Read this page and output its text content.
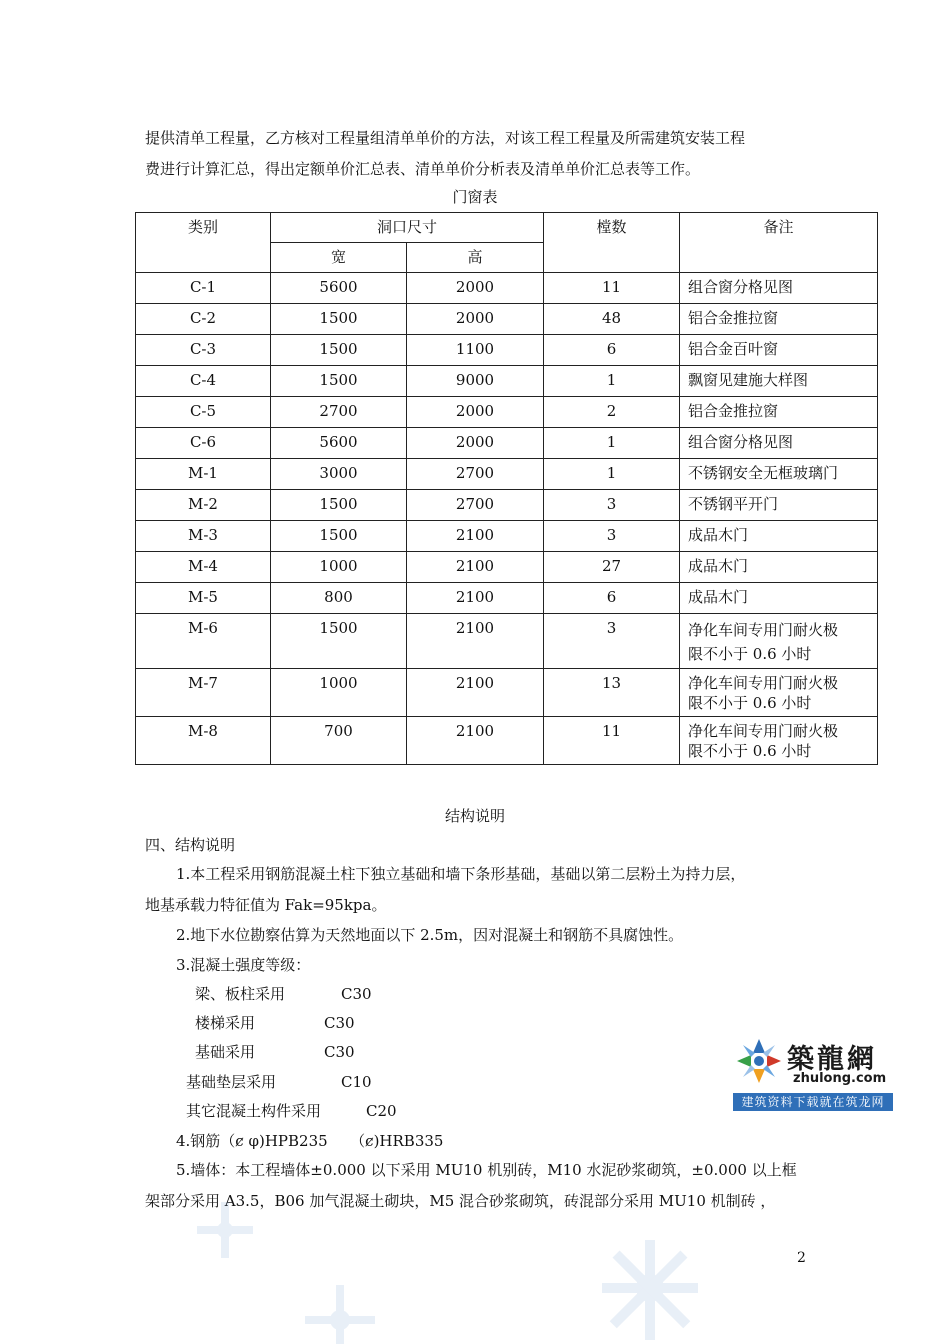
提供清单工程量，乙方核对工程量组清单单价的方法，对该工程工程量及所需建筑安装工程
费进行计算汇总，得出定额单价汇总表、清单单价分析表及清单单价汇总表等工作。
门窗表
类别	洞口尺寸		樘数	备注
	宽	高		
C-1	5600	2000	11	组合窗分格见图
C-2	1500	2000	48	铝合金推拉窗
C-3	1500	1100	6	铝合金百叶窗
C-4	1500	9000	1	飘窗见建施大样图
C-5	2700	2000	2	铝合金推拉窗
C-6	5600	2000	1	组合窗分格见图
M-1	3000	2700	1	不锈钢安全无框玻璃门
M-2	1500	2700	3	不锈钢平开门
M-3	1500	2100	3	成品木门
M-4	1000	2100	27	成品木门
M-5	800	2100	6	成品木门
M-6	1500	2100	3	净化车间专用门耐火极
限不小于 0.6 小时
M-7	1000	2100	13	净化车间专用门耐火极
限不小于 0.6 小时
M-8	700	2100	11	净化车间专用门耐火极
限不小于 0.6 小时
结构说明
四、结构说明
1.本工程采用钢筋混凝土柱下独立基础和墙下条形基础，基础以第二层粉土为持力层，
地基承载力特征值为 Fak=95kpa。
2.地下水位勘察估算为天然地面以下 2.5m，因对混凝土和钢筋不具腐蚀性。
3.混凝土强度等级：
梁、板柱采用	C30
楼梯采用	C30
基础采用	C30
基础垫层采用	C10
其它混凝土构件采用	C20
4.钢筋（ȼ φ)HPB235　　（ȼ)HRB335
5.墙体：本工程墙体±0.000 以下采用 MU10 机别砖，M10 水泥砂浆砌筑，±0.000 以上框
架部分采用 A3.5，B06 加气混凝土砌块，M5 混合砂浆砌筑，砖混部分采用 MU10 机制砖 ，
築龍網
zhulong.com
建筑资料下载就在筑龙网
2
